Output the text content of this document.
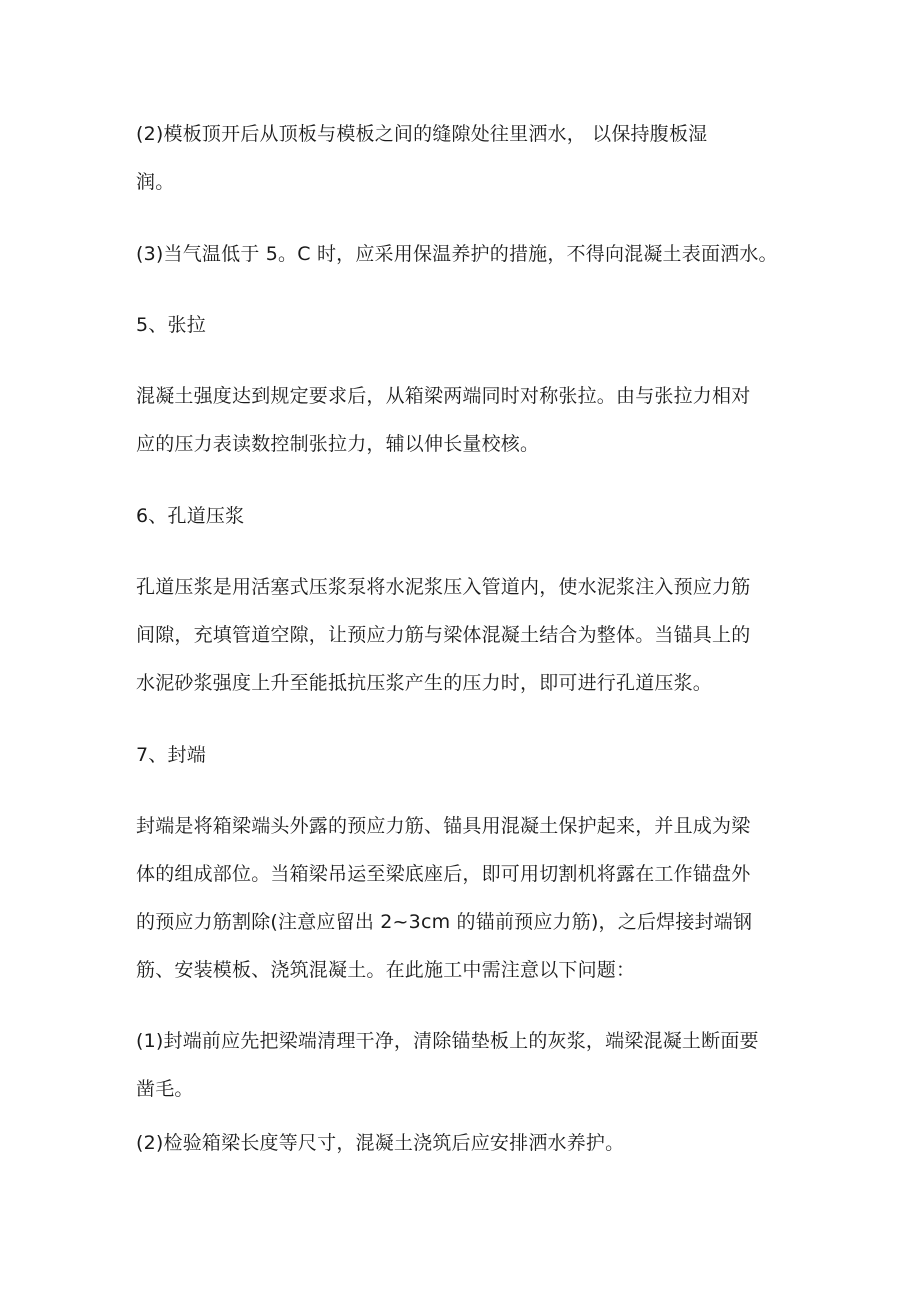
(2)模板顶开后从顶板与模板之间的缝隙处往里洒水， 以保持腹板湿
润。
(3)当气温低于 5。C 时，应采用保温养护的措施，不得向混凝土表面洒水。
5、张拉
混凝土强度达到规定要求后，从箱梁两端同时对称张拉。由与张拉力相对
应的压力表读数控制张拉力，辅以伸长量校核。
6、孔道压浆
孔道压浆是用活塞式压浆泵将水泥浆压入管道内，使水泥浆注入预应力筋
间隙，充填管道空隙，让预应力筋与梁体混凝土结合为整体。当锚具上的
水泥砂浆强度上升至能抵抗压浆产生的压力时，即可进行孔道压浆。
7、封端
封端是将箱梁端头外露的预应力筋、锚具用混凝土保护起来，并且成为梁
体的组成部位。当箱梁吊运至梁底座后，即可用切割机将露在工作锚盘外
的预应力筋割除(注意应留出 2~3cm 的锚前预应力筋)，之后焊接封端钢
筋、安装模板、浇筑混凝土。在此施工中需注意以下问题：
(1)封端前应先把梁端清理干净，清除锚垫板上的灰浆，端梁混凝土断面要
凿毛。
(2)检验箱梁长度等尺寸，混凝土浇筑后应安排洒水养护。
